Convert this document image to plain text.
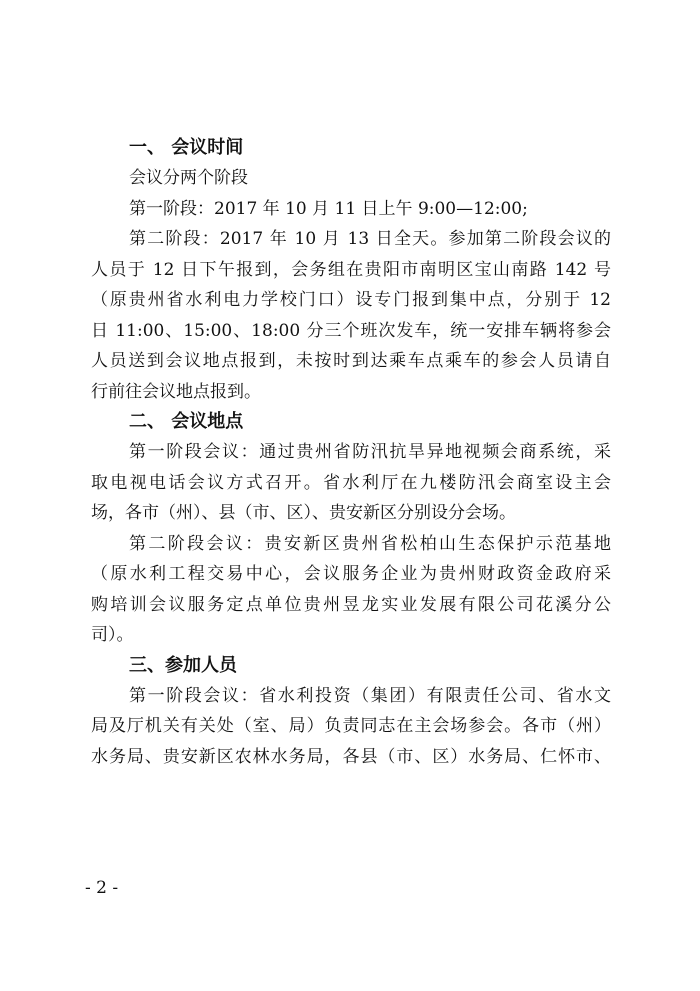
一、 会议时间
会议分两个阶段
第一阶段：2017 年 10 月 11 日上午 9:00—12:00;
第二阶段：2017 年 10 月 13 日全天。参加第二阶段会议的
人员于 12 日下午报到，会务组在贵阳市南明区宝山南路 142 号
（原贵州省水利电力学校门口）设专门报到集中点，分别于 12
日 11:00、15:00、18:00 分三个班次发车，统一安排车辆将参会
人员送到会议地点报到，未按时到达乘车点乘车的参会人员请自
行前往会议地点报到。
二、 会议地点
第一阶段会议：通过贵州省防汛抗旱异地视频会商系统，采
取电视电话会议方式召开。省水利厅在九楼防汛会商室设主会
场，各市（州）、县（市、区）、贵安新区分别设分会场。
第二阶段会议：贵安新区贵州省松柏山生态保护示范基地
（原水利工程交易中心，会议服务企业为贵州财政资金政府采
购培训会议服务定点单位贵州昱龙实业发展有限公司花溪分公
司）。
三、参加人员
第一阶段会议：省水利投资（集团）有限责任公司、省水文
局及厅机关有关处（室、局）负责同志在主会场参会。各市（州）
水务局、贵安新区农林水务局，各县（市、区）水务局、仁怀市、
- 2 -
